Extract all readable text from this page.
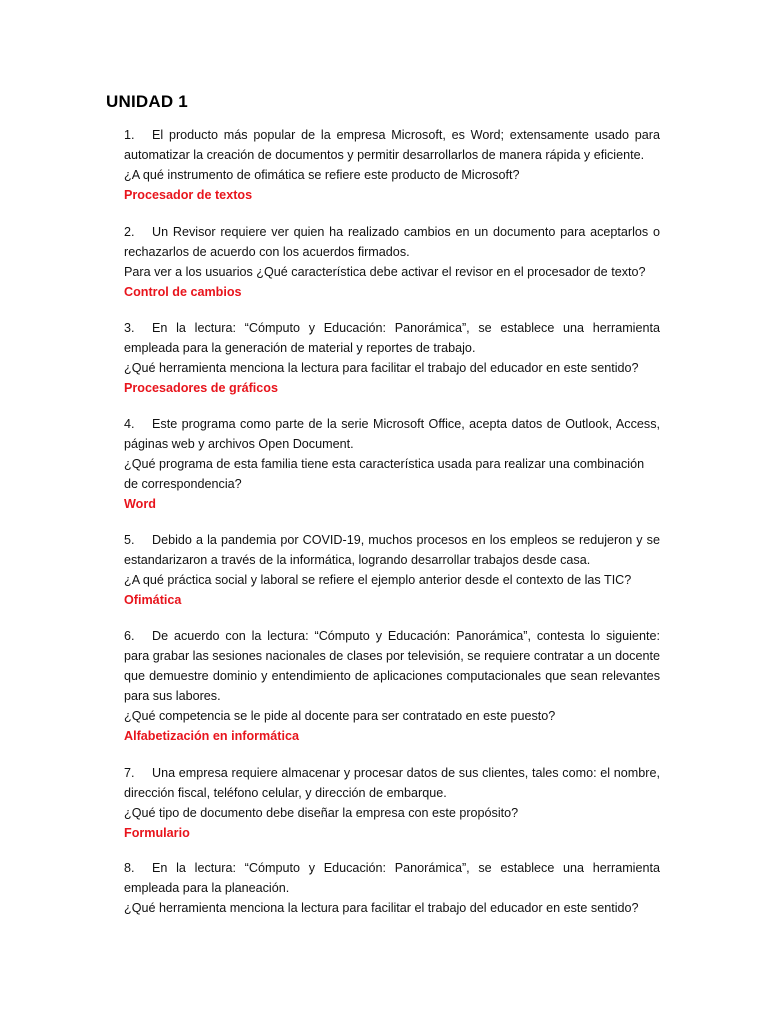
UNIDAD 1

1. El producto más popular de la empresa Microsoft, es Word; extensamente usado para automatizar la creación de documentos y permitir desarrollarlos de manera rápida y eficiente.

¿A qué instrumento de ofimática se refiere este producto de Microsoft?

Procesador de textos

2. Un Revisor requiere ver quien ha realizado cambios en un documento para aceptarlos o rechazarlos de acuerdo con los acuerdos firmados.

Para ver a los usuarios ¿Qué característica debe activar el revisor en el procesador de texto?

Control de cambios

3. En la lectura: “Cómputo y Educación: Panorámica”, se establece una herramienta empleada para la generación de material y reportes de trabajo.

¿Qué herramienta menciona la lectura para facilitar el trabajo del educador en este sentido?

Procesadores de gráficos

4. Este programa como parte de la serie Microsoft Office, acepta datos de Outlook, Access, páginas web y archivos Open Document.

¿Qué programa de esta familia tiene esta característica usada para realizar una combinación de correspondencia?

Word

5. Debido a la pandemia por COVID-19, muchos procesos en los empleos se redujeron y se estandarizaron a través de la informática, logrando desarrollar trabajos desde casa.

¿A qué práctica social y laboral se refiere el ejemplo anterior desde el contexto de las TIC?

Ofimática

6. De acuerdo con la lectura: “Cómputo y Educación: Panorámica”, contesta lo siguiente: para grabar las sesiones nacionales de clases por televisión, se requiere contratar a un docente que demuestre dominio y entendimiento de aplicaciones computacionales que sean relevantes para sus labores.

¿Qué competencia se le pide al docente para ser contratado en este puesto?

Alfabetización en informática

7. Una empresa requiere almacenar y procesar datos de sus clientes, tales como: el nombre, dirección fiscal, teléfono celular, y dirección de embarque.

¿Qué tipo de documento debe diseñar la empresa con este propósito?

Formulario

8. En la lectura: “Cómputo y Educación: Panorámica”, se establece una herramienta empleada para la planeación.

¿Qué herramienta menciona la lectura para facilitar el trabajo del educador en este sentido?
